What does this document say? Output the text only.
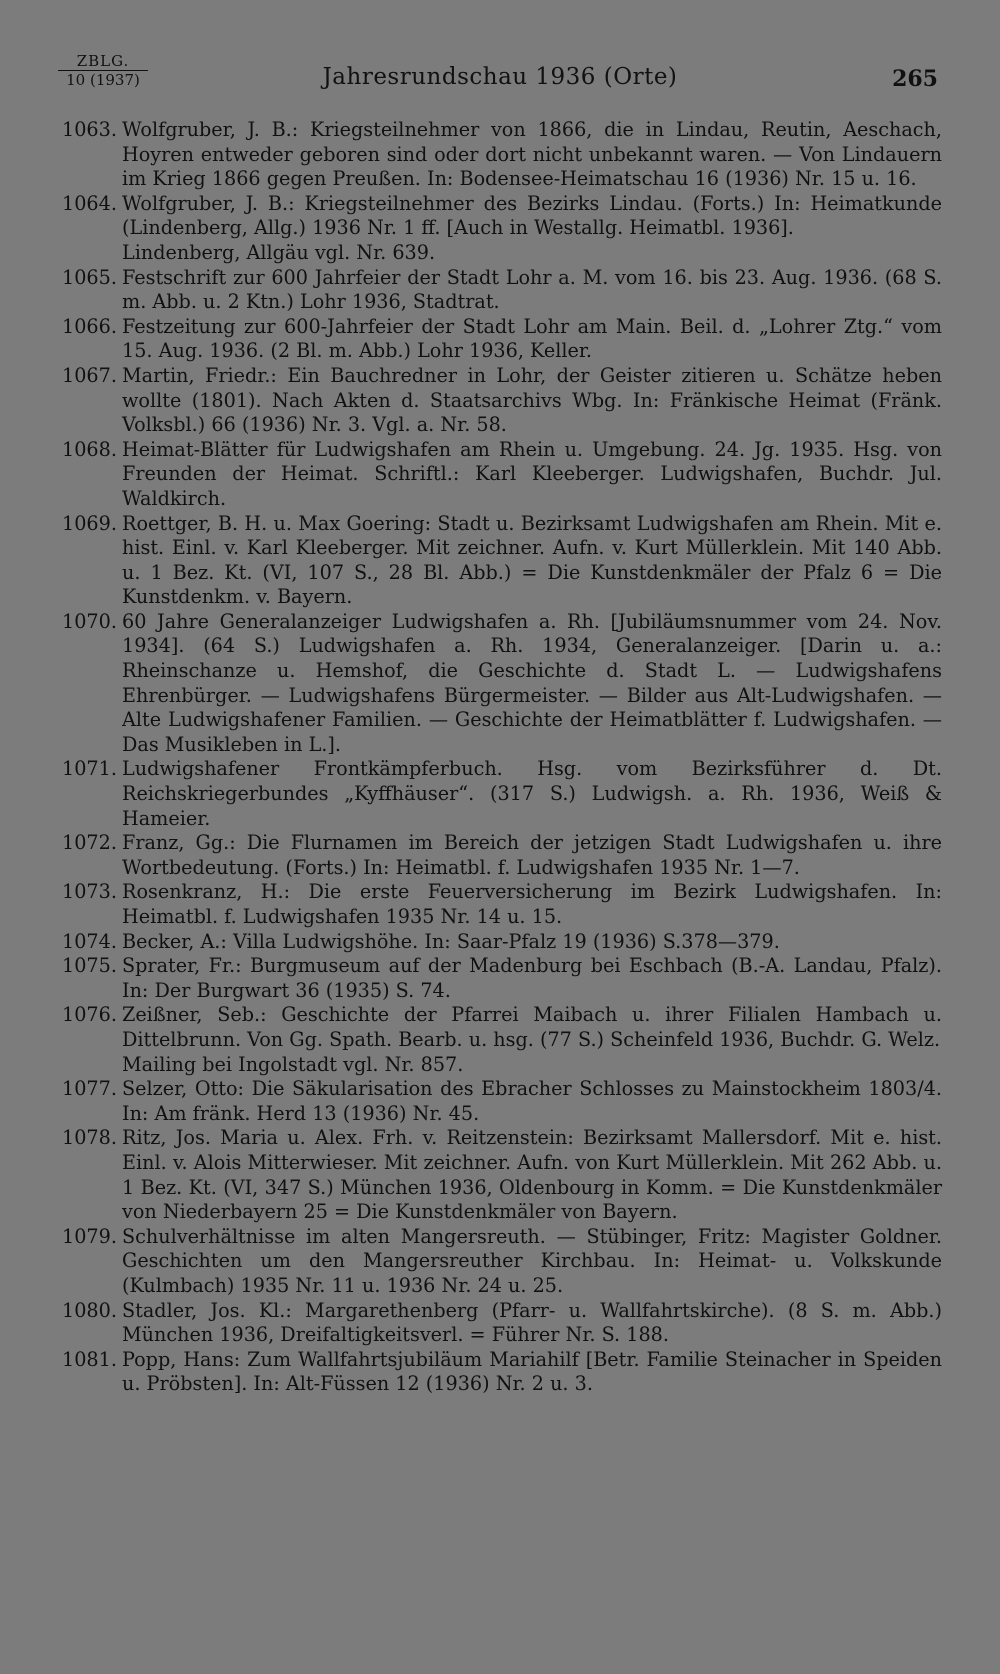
ZBLG.
10 (1937)	Jahresrundschau 1936 (Orte)	265
1063. Wolfgruber, J. B.: Kriegsteilnehmer von 1866, die in Lindau, Reutin, Aeschach, Hoyren entweder geboren sind oder dort nicht unbekannt waren. — Von Lindauern im Krieg 1866 gegen Preußen. In: Bodensee-Heimatschau 16 (1936) Nr. 15 u. 16.
1064. Wolfgruber, J. B.: Kriegsteilnehmer des Bezirks Lindau. (Forts.) In: Heimatkunde (Lindenberg, Allg.) 1936 Nr. 1 ff. [Auch in Westallg. Heimatbl. 1936].
Lindenberg, Allgäu vgl. Nr. 639.
1065. Festschrift zur 600 Jahrfeier der Stadt Lohr a. M. vom 16. bis 23. Aug. 1936. (68 S. m. Abb. u. 2 Ktn.) Lohr 1936, Stadtrat.
1066. Festzeitung zur 600-Jahrfeier der Stadt Lohr am Main. Beil. d. „Lohrer Ztg.“ vom 15. Aug. 1936. (2 Bl. m. Abb.) Lohr 1936, Keller.
1067. Martin, Friedr.: Ein Bauchredner in Lohr, der Geister zitieren u. Schätze heben wollte (1801). Nach Akten d. Staatsarchivs Wbg. In: Fränkische Heimat (Fränk. Volksbl.) 66 (1936) Nr. 3. Vgl. a. Nr. 58.
1068. Heimat-Blätter für Ludwigshafen am Rhein u. Umgebung. 24. Jg. 1935. Hsg. von Freunden der Heimat. Schriftl.: Karl Kleeberger. Ludwigshafen, Buchdr. Jul. Waldkirch.
1069. Roettger, B. H. u. Max Goering: Stadt u. Bezirksamt Ludwigshafen am Rhein. Mit e. hist. Einl. v. Karl Kleeberger. Mit zeichner. Aufn. v. Kurt Müllerklein. Mit 140 Abb. u. 1 Bez. Kt. (VI, 107 S., 28 Bl. Abb.) = Die Kunstdenkmäler der Pfalz 6 = Die Kunstdenkm. v. Bayern.
1070. 60 Jahre Generalanzeiger Ludwigshafen a. Rh. [Jubiläumsnummer vom 24. Nov. 1934]. (64 S.) Ludwigshafen a. Rh. 1934, Generalanzeiger. [Darin u. a.: Rheinschanze u. Hemshof, die Geschichte d. Stadt L. — Ludwigshafens Ehrenbürger. — Ludwigshafens Bürgermeister. — Bilder aus Alt-Ludwigshafen. — Alte Ludwigshafener Familien. — Geschichte der Heimatblätter f. Ludwigshafen. — Das Musikleben in L.].
1071. Ludwigshafener Frontkämpferbuch. Hsg. vom Bezirksführer d. Dt. Reichskriegerbundes „Kyffhäuser“. (317 S.) Ludwigsh. a. Rh. 1936, Weiß & Hameier.
1072. Franz, Gg.: Die Flurnamen im Bereich der jetzigen Stadt Ludwigshafen u. ihre Wortbedeutung. (Forts.) In: Heimatbl. f. Ludwigshafen 1935 Nr. 1—7.
1073. Rosenkranz, H.: Die erste Feuerversicherung im Bezirk Ludwigshafen. In: Heimatbl. f. Ludwigshafen 1935 Nr. 14 u. 15.
1074. Becker, A.: Villa Ludwigshöhe. In: Saar-Pfalz 19 (1936) S.378—379.
1075. Sprater, Fr.: Burgmuseum auf der Madenburg bei Eschbach (B.-A. Landau, Pfalz). In: Der Burgwart 36 (1935) S. 74.
1076. Zeißner, Seb.: Geschichte der Pfarrei Maibach u. ihrer Filialen Hambach u. Dittelbrunn. Von Gg. Spath. Bearb. u. hsg. (77 S.) Scheinfeld 1936, Buchdr. G. Welz.
Mailing bei Ingolstadt vgl. Nr. 857.
1077. Selzer, Otto: Die Säkularisation des Ebracher Schlosses zu Mainstockheim 1803/4. In: Am fränk. Herd 13 (1936) Nr. 45.
1078. Ritz, Jos. Maria u. Alex. Frh. v. Reitzenstein: Bezirksamt Mallersdorf. Mit e. hist. Einl. v. Alois Mitterwieser. Mit zeichner. Aufn. von Kurt Müllerklein. Mit 262 Abb. u. 1 Bez. Kt. (VI, 347 S.) München 1936, Oldenbourg in Komm. = Die Kunstdenkmäler von Niederbayern 25 = Die Kunstdenkmäler von Bayern.
1079. Schulverhältnisse im alten Mangersreuth. — Stübinger, Fritz: Magister Goldner. Geschichten um den Mangersreuther Kirchbau. In: Heimat- u. Volkskunde (Kulmbach) 1935 Nr. 11 u. 1936 Nr. 24 u. 25.
1080. Stadler, Jos. Kl.: Margarethenberg (Pfarr- u. Wallfahrtskirche). (8 S. m. Abb.) München 1936, Dreifaltigkeitsverl. = Führer Nr. S. 188.
1081. Popp, Hans: Zum Wallfahrtsjubiläum Mariahilf [Betr. Familie Steinacher in Speiden u. Pröbsten]. In: Alt-Füssen 12 (1936) Nr. 2 u. 3.
